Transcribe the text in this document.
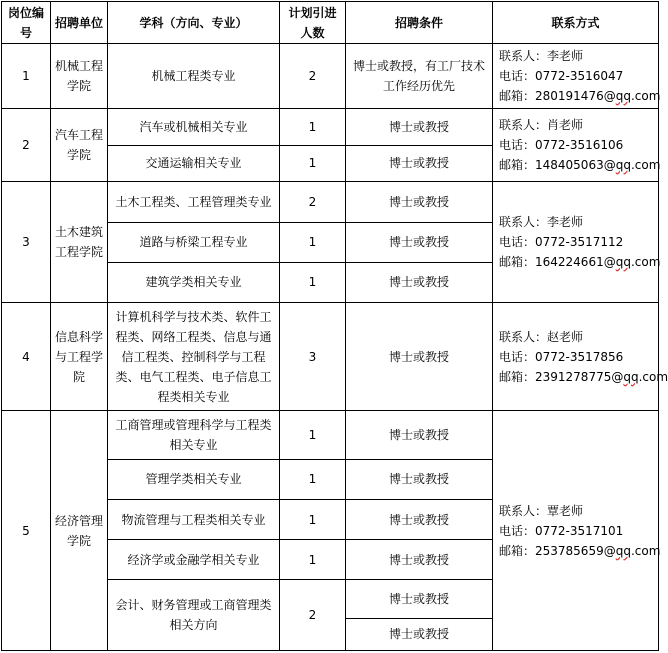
岗位编号	招聘单位	学科（方向、专业）	计划引进人数	招聘条件	联系方式
1	机械工程学院	机械工程类专业	2	博士或教授，有工厂技术工作经历优先	联系人：李老师
电话：0772-3516047
邮箱：280191476@qq.com

2	汽车工程学院	汽车或机械相关专业	1	博士或教授	联系人：肖老师
电话：0772-3516106
邮箱：148405063@qq.com

		交通运输相关专业	1	博士或教授	
3	土木建筑工程学院	土木工程类、工程管理类专业	2	博士或教授	联系人：李老师
电话：0772-3517112
邮箱：164224661@qq.com

		道路与桥梁工程专业	1	博士或教授	
		建筑学类相关专业	1	博士或教授	
4	信息科学与工程学院	计算机科学与技术类、软件工程类、网络工程类、信息与通信工程类、控制科学与工程类、电气工程类、电子信息工程类相关专业	3	博士或教授	联系人：赵老师
电话：0772-3517856
邮箱：2391278775@qq.com

5	经济管理学院	工商管理或管理科学与工程类相关专业	1	博士或教授	联系人：覃老师
电话：0772-3517101
邮箱：253785659@qq.com

		管理学类相关专业	1	博士或教授	
		物流管理与工程类相关专业	1	博士或教授	
		经济学或金融学相关专业	1	博士或教授	
		会计、财务管理或工商管理类相关方向	2	博士或教授	
				博士或教授	
